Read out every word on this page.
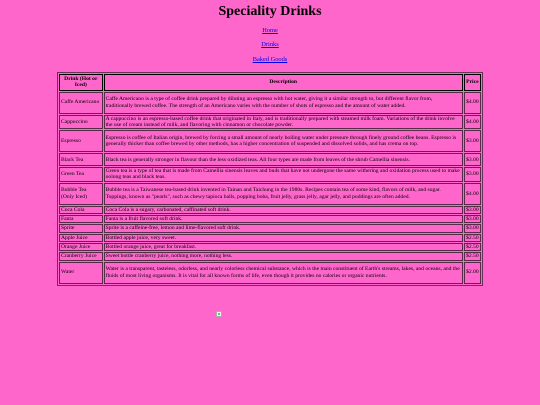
Speciality Drinks
Home
Drinks
Baked Goods
Drink (Hot or Iced)	Description	Price
Caffe Americano	Caffe Americano is a type of coffee drink prepared by diluting an espresso with hot water, giving it a similar strength to, but different flavor from, traditionally brewed coffee. The strength of an Americano varies with the number of shots of espresso and the amount of water added.	$4.00
Cappuccino	A cappuccino is an espresso-based coffee drink that originated in Italy, and is traditionally prepared with steamed milk foam. Variations of the drink involve the use of cream instead of milk, and flavoring with cinnamon or chocolate powder.	$4.00
Espresso	Espresso is coffee of Italian origin, brewed by forcing a small amount of nearly boiling water under pressure through finely ground coffee beans. Espresso is generally thicker than coffee brewed by other methods, has a higher concentration of suspended and dissolved solids, and has crema on top.	$3.00
Black Tea	Black tea is generally stronger in flavour than the less oxidized teas. All four types are made from leaves of the shrub Camellia sinensis.	$3.00
Green Tea	Green tea is a type of tea that is made from Camellia sinensis leaves and buds that have not undergone the same withering and oxidation process used to make oolong teas and black teas.	$3.00
Bubble Tea (Only Iced)	Bubble tea is a Taiwanese tea-based drink invented in Tainan and Taichung in the 1980s. Recipes contain tea of some kind, flavors of milk, and sugar. Toppings, known as "pearls", such as chewy tapioca balls, popping boba, fruit jelly, grass jelly, agar jelly, and puddings are often added.	$4.00
Coca Cola	Coca Cola is a sugary, carbonated, caffinated soft drink.	$3.00
Fanta	Fanta is a fruit flavored soft drink.	$3.00
Sprite	Sprite is a caffeine-free, lemon and lime-flavored soft drink.	$3.00
Apple Juice	Bottled apple juice, very sweet.	$2.50
Orange Juice	Bottled orange juice, great for breakfast.	$2.50
Cranberry Juice	Sweet bottle cranberry juice, nothing more, nothing less.	$2.50
Water	Water is a transparent, tasteless, odorless, and nearly colorless chemical substance, which is the main constituent of Earth's streams, lakes, and oceans, and the fluids of most living organisms. It is vital for all known forms of life, even though it provides no calories or organic nutrients.	$2.00
